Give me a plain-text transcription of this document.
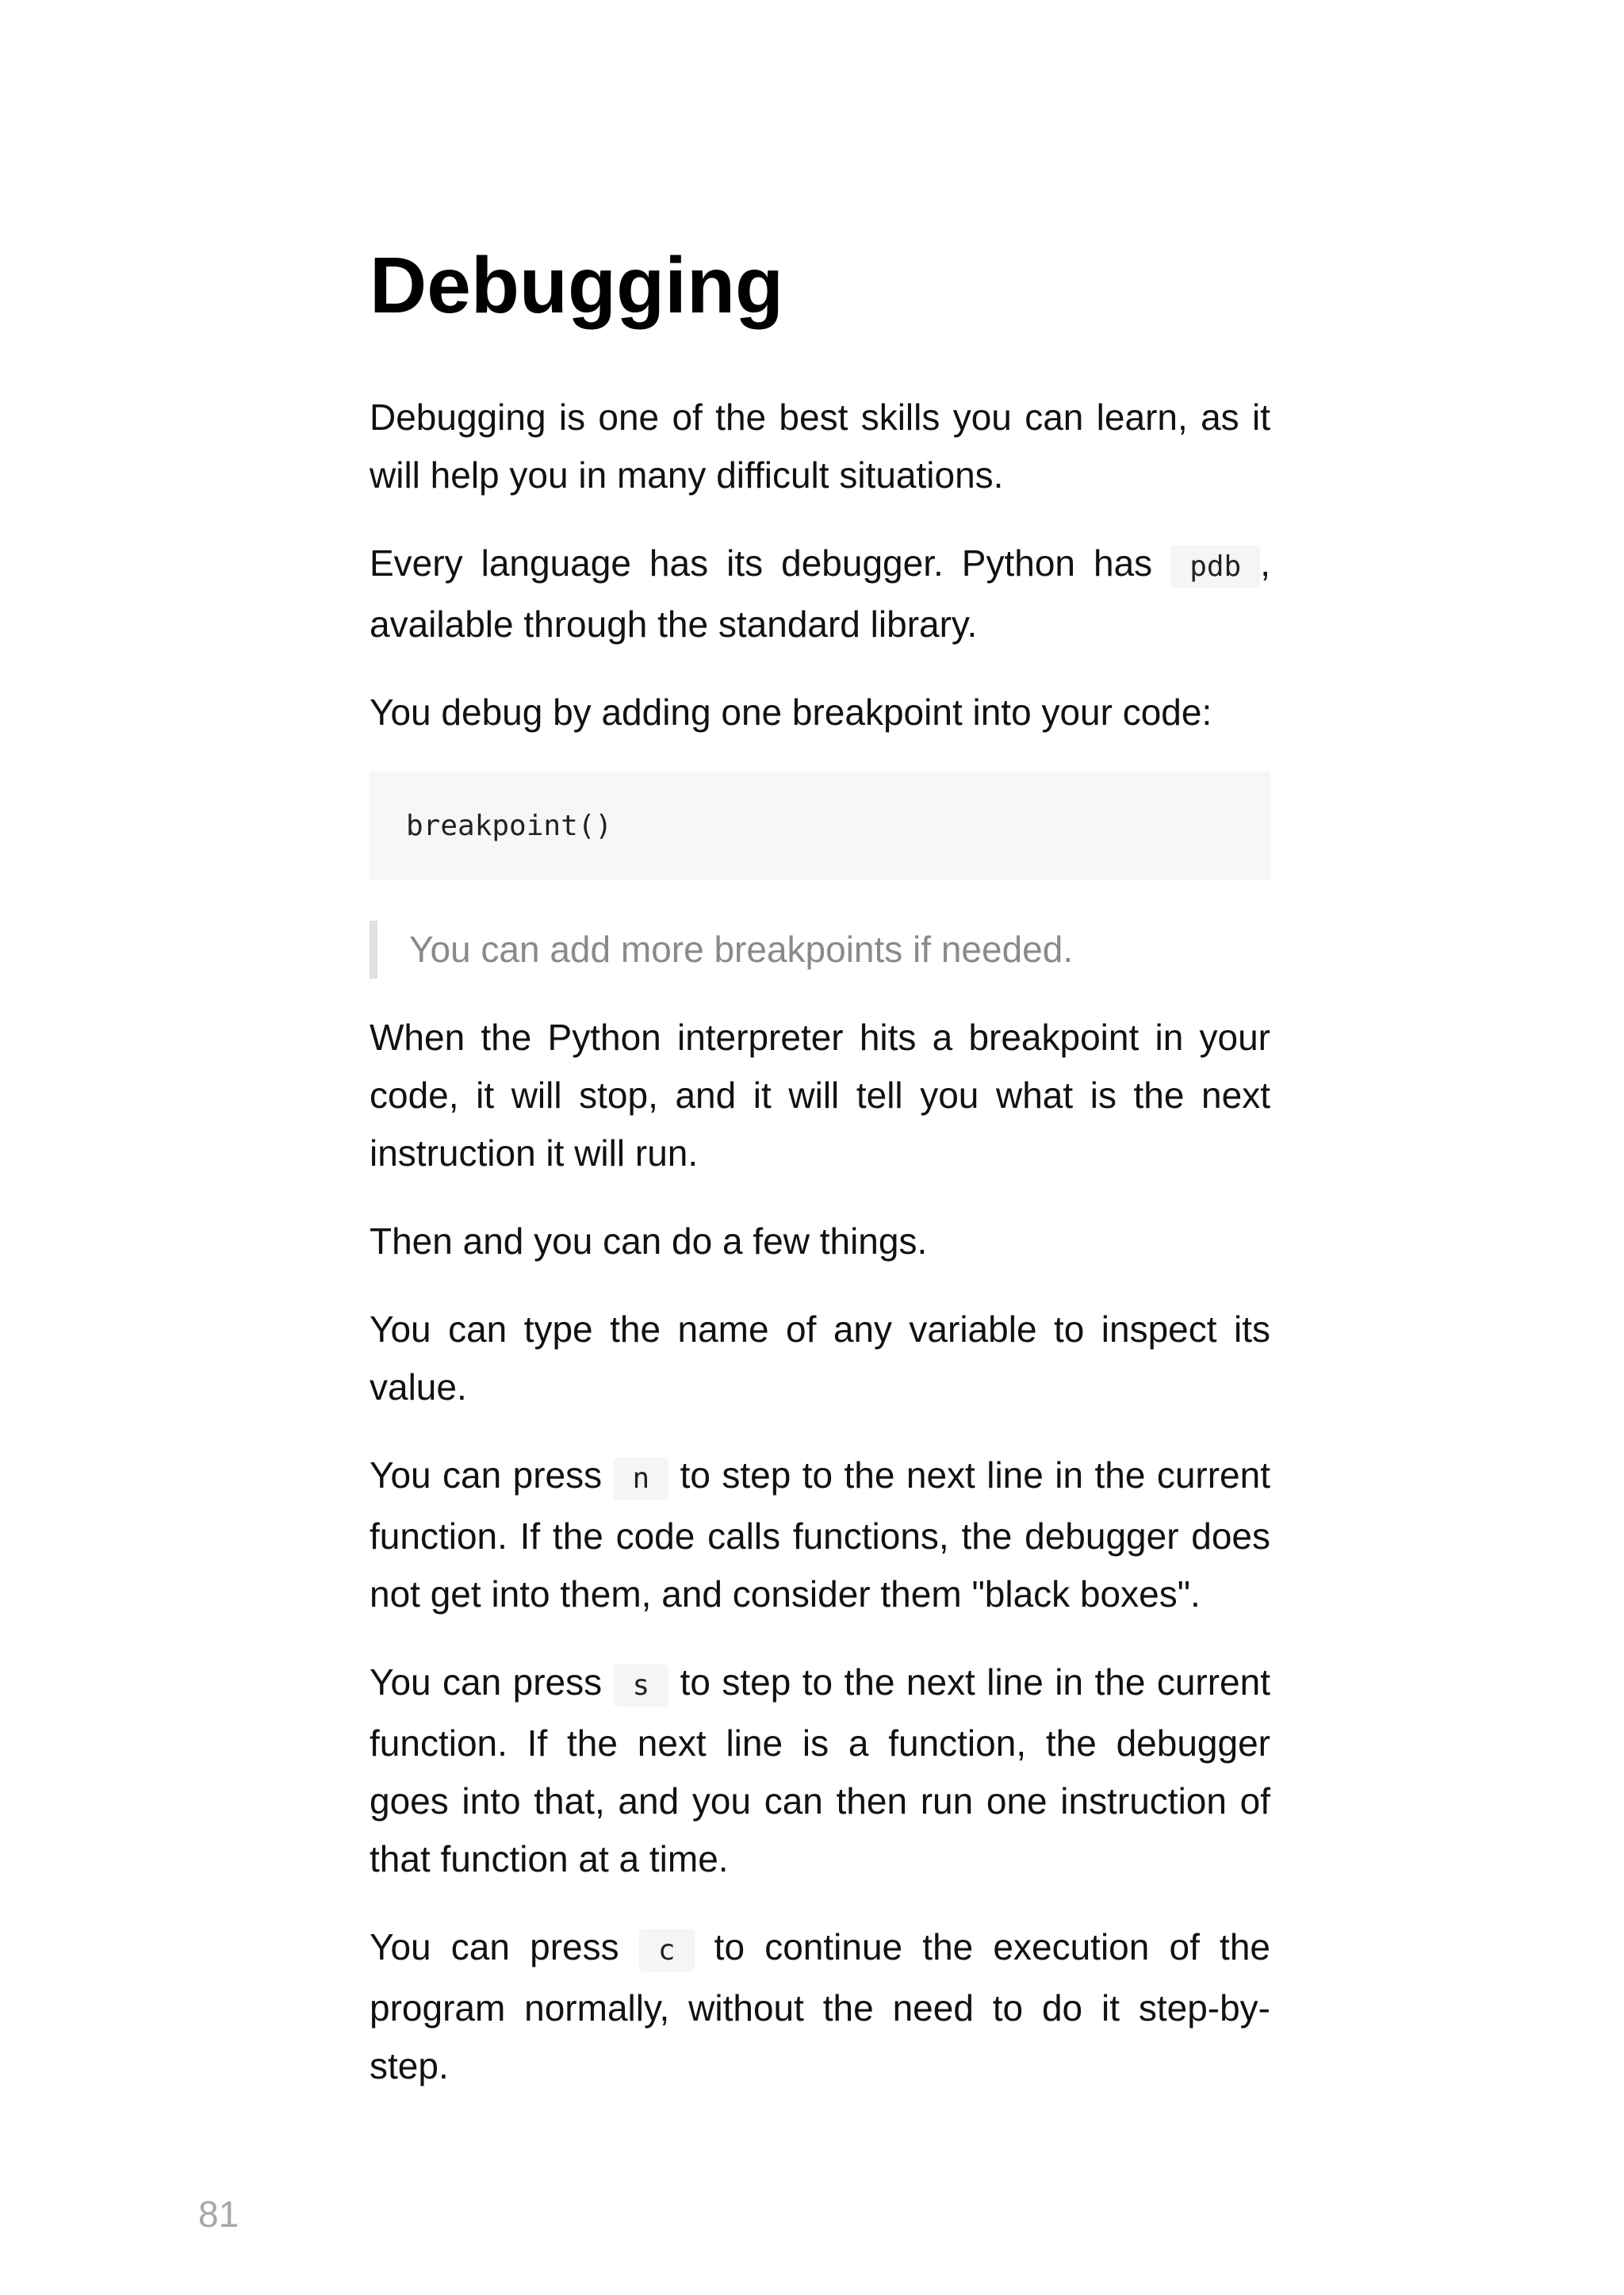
Debugging

Debugging is one of the best skills you can learn, as it will help you in many difficult situations.

Every language has its debugger. Python has pdb , available through the standard library.

You debug by adding one breakpoint into your code:

breakpoint()
You can add more breakpoints if needed.

When the Python interpreter hits a breakpoint in your code, it will stop, and it will tell you what is the next instruction it will run.

Then and you can do a few things.

You can type the name of any variable to inspect its value.

You can press n to step to the next line in the current function. If the code calls functions, the debugger does not get into them, and consider them "black boxes".

You can press s to step to the next line in the current function. If the next line is a function, the debugger goes into that, and you can then run one instruction of that function at a time.

You can press c to continue the execution of the program normally, without the need to do it step-by-step.

81
